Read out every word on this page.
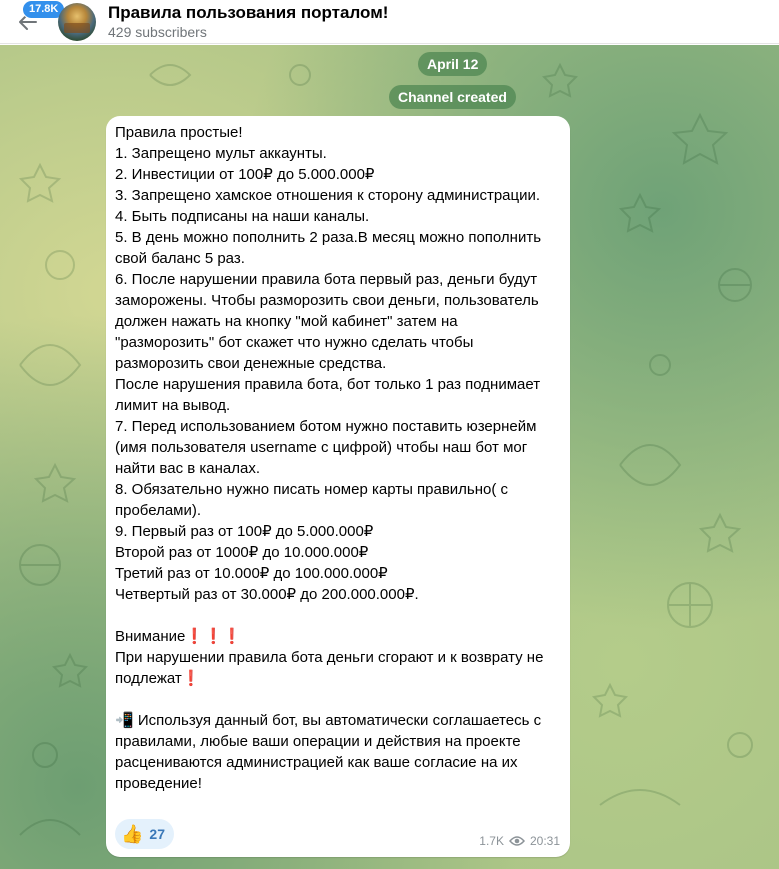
17.8K	Правила пользования порталом!
429 subscribers
April 12
Channel created
Правила простые!
1. Запрещено мульт аккаунты.
2. Инвестиции от 100₽ до 5.000.000₽
3. Запрещено хамское отношения к сторону администрации.
4. Быть подписаны на наши каналы.
5. В день можно пополнить 2 раза.В месяц можно пополнить свой баланс 5 раз.
6. После нарушении правила бота первый раз, деньги будут заморожены. Чтобы разморозить свои деньги, пользователь должен нажать на кнопку "мой кабинет" затем на "разморозить" бот скажет что нужно сделать чтобы разморозить свои денежные средства.
После нарушения правила бота, бот только 1 раз поднимает лимит на вывод.
7. Перед использованием ботом нужно поставить юзернейм (имя пользователя username с цифрой) чтобы наш бот мог найти вас в каналах.
8. Обязательно нужно писать номер карты правильно( с пробелами).
9. Первый раз от 100₽ до 5.000.000₽
Второй раз от 1000₽ до 10.000.000₽
Третий раз от 10.000₽ до 100.000.000₽
Четвертый раз от 30.000₽ до 200.000.000₽.

Внимание❗❗❗
При нарушении правила бота деньги сгорают и к возврату не подлежат❗

📲 Используя данный бот, вы автоматически соглашаетесь с правилами, любые ваши операции и действия на проекте расцениваются администрацией как ваше согласие на их проведение!
👍 27	1.7K 20:31
